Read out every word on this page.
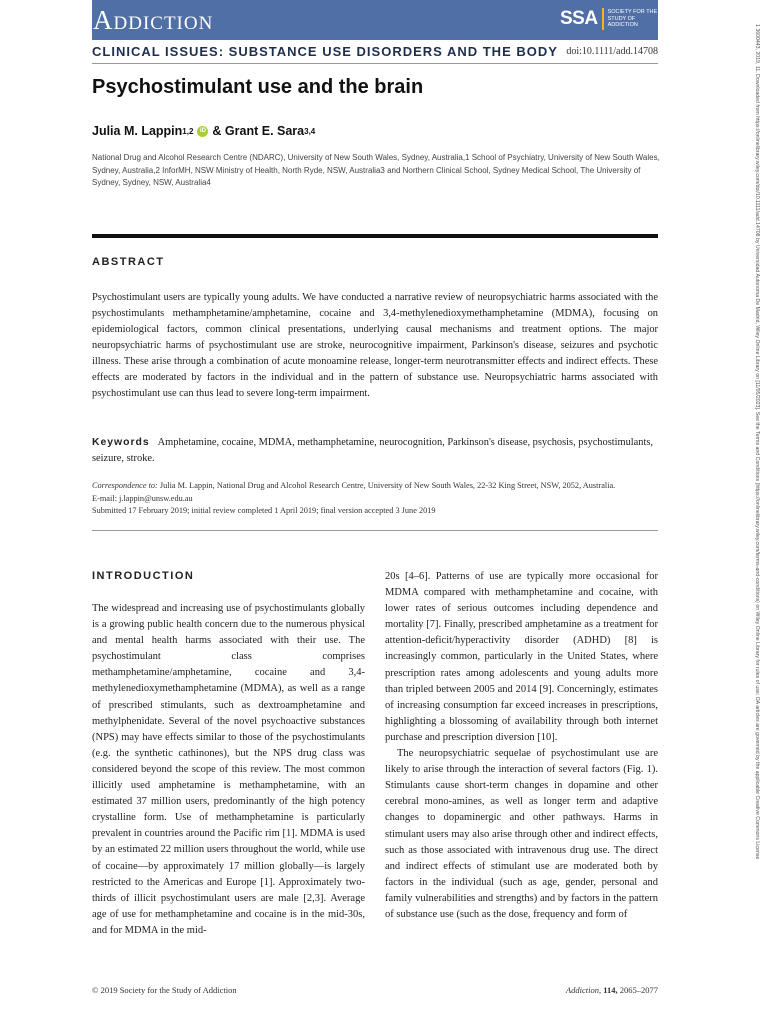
Addiction	SSA SOCIETY FOR THE STUDY OF ADDICTION
CLINICAL ISSUES: SUBSTANCE USE DISORDERS AND THE BODY doi:10.1111/add.14708	1 3600443, 2019, 11, Downloaded from https://onlinelibrary.wiley.com/doi/10.1111/add.14708 by Universidad Autonoma De Madrid, Wiley Online Library on [11/05/2023]. See the Terms and Conditions (https://onlinelibrary.wiley.com/terms-and-conditions) on Wiley Online Library for rules of use; OA articles are governed by the applicable Creative Commons License
Psychostimulant use and the brain
Julia M. Lappin 1,2	iD & Grant E. Sara 3,4
National Drug and Alcohol Research Centre (NDARC), University of New South Wales, Sydney, Australia,1 School of Psychiatry, University of New South Wales, Sydney, Australia,2 InforMH, NSW Ministry of Health, North Ryde, NSW, Australia3 and Northern Clinical School, Sydney Medical School, The University of Sydney, Sydney, NSW, Australia4
ABSTRACT

Psychostimulant users are typically young adults. We have conducted a narrative review of neuropsychiatric harms associated with the psychostimulants methamphetamine/amphetamine, cocaine and 3,4-methylenedioxymethamphetamine (MDMA), focusing on epidemiological factors, common clinical presentations, underlying causal mechanisms and treatment options. The major neuropsychiatric harms of psychostimulant use are stroke, neurocognitive impairment, Parkinson's disease, seizures and psychotic illness. These arise through a combination of acute monoamine release, longer-term neurotransmitter effects and indirect effects. These effects are moderated by factors in the individual and in the pattern of substance use. Neuropsychiatric harms associated with psychostimulant use can thus lead to severe long-term impairment.

Keywords Amphetamine, cocaine, MDMA, methamphetamine, neurocognition, Parkinson's disease, psychosis, psychostimulants, seizure, stroke.

Correspondence to: Julia M. Lappin, National Drug and Alcohol Research Centre, University of New South Wales, 22-32 King Street, NSW, 2052, Australia.
E-mail: j.lappin@unsw.edu.au
Submitted 17 February 2019; initial review completed 1 April 2019; final version accepted 3 June 2019
INTRODUCTION

The widespread and increasing use of psychostimulants globally is a growing public health concern due to the numerous physical and mental health harms associated with their use. The psychostimulant class comprises methamphetamine/amphetamine, cocaine and 3,4-methylenedioxymethamphetamine (MDMA), as well as a range of prescribed stimulants, such as dextroamphetamine and methylphenidate. Several of the novel psychoactive substances (NPS) may have effects similar to those of the psychostimulants (e.g. the synthetic cathinones), but the NPS drug class was considered beyond the scope of this review. The most common illicitly used amphetamine is methamphetamine, with an estimated 37 million users, predominantly of the high potency crystalline form. Use of methamphetamine is particularly prevalent in countries around the Pacific rim [1]. MDMA is used by an estimated 22 million users throughout the world, while use of cocaine—by approximately 17 million globally—is largely restricted to the Americas and Europe [1]. Approximately two-thirds of illicit psychostimulant users are male [2,3]. Average age of use for methamphetamine and cocaine is in the mid-30s, and for MDMA in the mid-

20s [4–6]. Patterns of use are typically more occasional for MDMA compared with methamphetamine and cocaine, with lower rates of serious outcomes including dependence and mortality [7]. Finally, prescribed amphetamine as a treatment for attention-deficit/hyperactivity disorder (ADHD) [8] is increasingly common, particularly in the United States, where prescription rates among adolescents and young adults more than tripled between 2005 and 2014 [9]. Concerningly, estimates of increasing consumption far exceed increases in prescriptions, highlighting a blossoming of availability through both internet purchase and prescription diversion [10].

The neuropsychiatric sequelae of psychostimulant use are likely to arise through the interaction of several factors (Fig. 1). Stimulants cause short-term changes in dopamine and other cerebral mono-amines, as well as longer term and adaptive changes to dopaminergic and other pathways. Harms in stimulant users may also arise through other and indirect effects, such as those associated with intravenous drug use. The direct and indirect effects of stimulant use are moderated both by factors in the individual (such as age, gender, personal and family vulnerabilities and strengths) and by factors in the pattern of substance use (such as the dose, frequency and form of

© 2019 Society for the Study of Addiction	Addiction, 114, 2065–2077
